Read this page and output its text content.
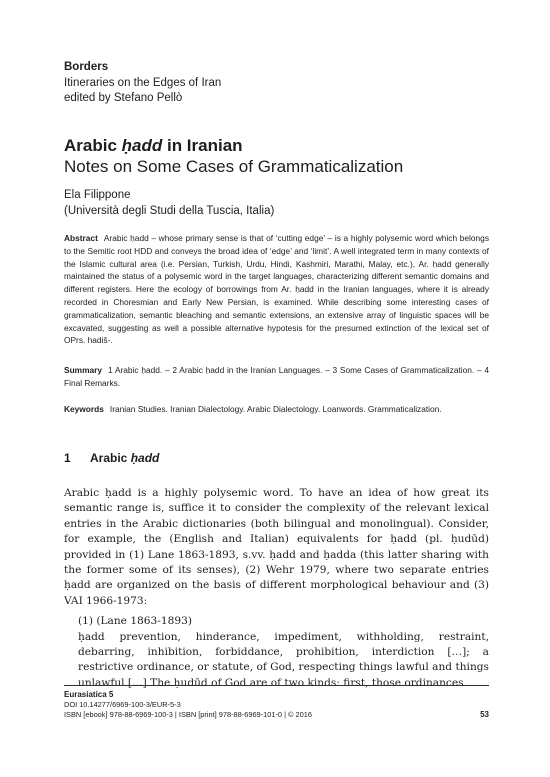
Borders
Itineraries on the Edges of Iran
edited by Stefano Pellò
Arabic ḥadd in Iranian
Notes on Some Cases of Grammaticalization
Ela Filippone
(Università degli Studi della Tuscia, Italia)
Abstract Arabic ḥadd – whose primary sense is that of ‘cutting edge’ – is a highly polysemic word which belongs to the Semitic root HDD and conveys the broad idea of ‘edge’ and ‘limit’. A well integrated term in many contexts of the Islamic cultural area (i.e. Persian, Turkish, Urdu, Hindi, Kashmiri, Marathi, Malay, etc.), Ar. ḥadd generally maintained the status of a polysemic word in the target languages, characterizing different semantic domains and different registers. Here the ecology of borrowings from Ar. ḥadd in the Iranian languages, where it is already recorded in Choresmian and Early New Persian, is examined. While describing some interesting cases of grammaticalization, semantic bleaching and semantic extensions, an extensive array of linguistic spaces will be excavated, suggesting as well a possible alternative hypotesis for the presumed extinction of the lexical set of OPrs. hadiš-.
Summary 1 Arabic ḥadd. – 2 Arabic ḥadd in the Iranian Languages. – 3 Some Cases of Grammaticalization. – 4 Final Remarks.
Keywords Iranian Studies. Iranian Dialectology. Arabic Dialectology. Loanwords. Grammaticalization.
1 Arabic ḥadd

Arabic ḥadd is a highly polysemic word. To have an idea of how great its semantic range is, suffice it to consider the complexity of the relevant lexical entries in the Arabic dictionaries (both bilingual and monolingual). Consider, for example, the (English and Italian) equivalents for ḥadd (pl. ḥudūd) provided in (1) Lane 1863-1893, s.vv. ḥadd and ḥadda (this latter sharing with the former some of its senses), (2) Wehr 1979, where two separate entries ḥadd are organized on the basis of different morphological behaviour and (3) VAI 1966-1973:

(1) (Lane 1863-1893)

ḥadd prevention, hinderance, impediment, withholding, restraint, debarring, inhibition, forbiddance, prohibition, interdiction […]; a restrictive ordinance, or statute, of God, respecting things lawful and things unlawful […] The ḥudūd of God are of two kinds: first, those ordinances

Eurasiatica 5
DOI 10.14277/6969-100-3/EUR-5-3
ISBN [ebook] 978-88-6969-100-3 | ISBN [print] 978-88-6969-101-0 | © 2016	53
